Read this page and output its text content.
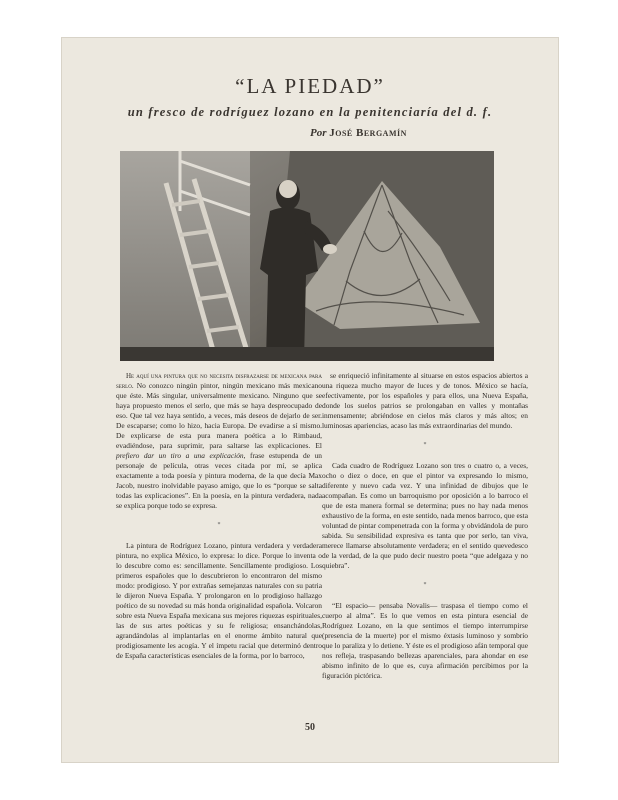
“LA PIEDAD”
un fresco de rodríguez lozano en la penitenciaría del d. f.
Por José Bergamín

He aquí una pintura que no necesita disfrazarse de mexicana para serlo. No conozco ningún pintor, ningún mexicano más mexicano que éste. Más singular, universalmente mexicano. Ninguno que se haya propuesto menos el serlo, que más se haya despreocupado de eso. Que tal vez haya sentido, a veces, más deseos de dejarlo de ser. De escaparse; como lo hizo, hacia Europa. De evadirse a sí mismo. De explicarse de esta pura manera poética a lo Rimbaud, evadiéndose, para suprimir, para saltarse las explicaciones. El prefiero dar un tiro a una explicación, frase estupenda de un personaje de película, otras veces citada por mí, se aplica exactamente a toda poesía y pintura moderna, de la que decía Max Jacob, nuestro inolvidable payaso amigo, que lo es “porque se salta todas las explicaciones”. En la poesía, en la pintura verdadera, nada se explica porque todo se expresa.

*

La pintura de Rodríguez Lozano, pintura verdadera y verdadera pintura, no explica México, lo expresa: lo dice. Porque lo inventa o lo descubre como es: sencillamente. Sencillamente prodigioso. Los primeros españoles que lo descubrieron lo encontraron del mismo modo: prodigioso. Y por extrañas semejanzas naturales con su patria le dijeron Nueva España. Y prolongaron en lo prodigioso hallazgo poético de su novedad su más honda originalidad española. Volcaron sobre esta Nueva España mexicana sus mejores riquezas espirituales, las de sus artes poéticas y su fe religiosa; ensanchándolas, agrandándolas al implantarlas en el enorme ámbito natural que prodigiosamente les acogía. Y el ímpetu racial que determinó dentro de España características esenciales de la forma, por lo barroco,

se enriqueció infinitamente al situarse en estos espacios abiertos a una riqueza mucho mayor de luces y de tonos. México se hacía, efectivamente, por los españoles y para ellos, una Nueva España, donde los suelos patrios se prolongaban en valles y montañas inmensamente; abriéndose en cielos más claros y más altos; en luminosas apariencias, acaso las más extraordinarias del mundo.

*

Cada cuadro de Rodríguez Lozano son tres o cuatro o, a veces, ocho o diez o doce, en que el pintor va expresando lo mismo, diferente y nuevo cada vez. Y una infinidad de dibujos que le acompañan. Es como un barroquismo por oposición a lo barroco el que de esta manera formal se determina; pues no hay nada menos exhaustivo de la forma, en este sentido, nada menos barroco, que esta voluntad de pintar compenetrada con la forma y obvidándola de puro sabida. Su sensibilidad expresiva es tanta que por serlo, tan viva, merece llamarse absolutamente verdadera; en el sentido quevedesco de la verdad, de la que pudo decir nuestro poeta “que adelgaza y no quiebra”.

*

“El espacio— pensaba Novalis— traspasa el tiempo como el cuerpo al alma”. Es lo que vemos en esta pintura esencial de Rodríguez Lozano, en la que sentimos el tiempo interrumpirse (presencia de la muerte) por el mismo éxtasis luminoso y sombrío que lo paraliza y lo detiene. Y éste es el prodigioso afán temporal que nos refleja, traspasando bellezas aparenciales, para ahondar en ese abismo infinito de lo que es, cuya afirmación percibimos por la figuración pictórica.

50
